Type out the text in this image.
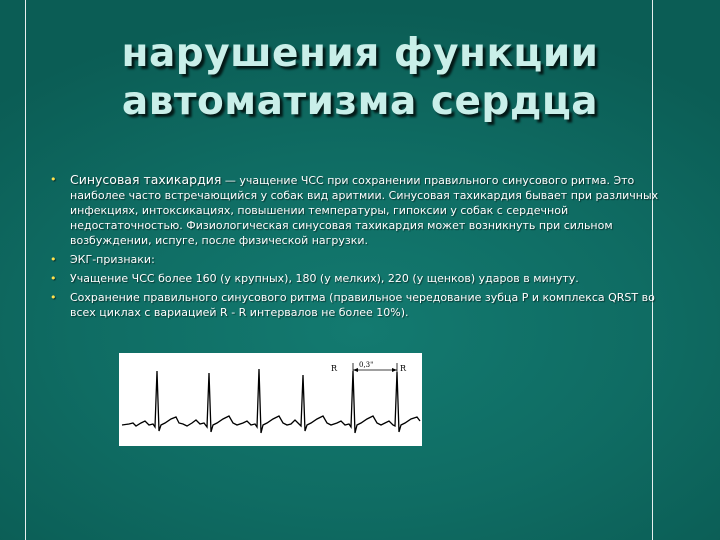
нарушения функции
автоматизма сердца
• Синусовая тахикардия — учащение ЧСС при сохранении правильного синусового ритма. Это наиболее часто встречающийся у собак вид аритмии. Синусовая тахикардия бывает при различных инфекциях, интоксикациях, повышении температуры, гипоксии у собак с сердечной недостаточностью. Физиологическая синусовая тахикардия может возникнуть при сильном возбуждении, испуге, после физической нагрузки.
• ЭКГ-признаки:
• Учащение ЧСС более 160 (у крупных), 180 (у мелких), 220 (у щенков) ударов в минуту.
• Сохранение правильного синусового ритма (правильное чередование зубца P и комплекса QRST во всех циклах с вариацией R - R интервалов не более 10%).
R	0,3"	R
